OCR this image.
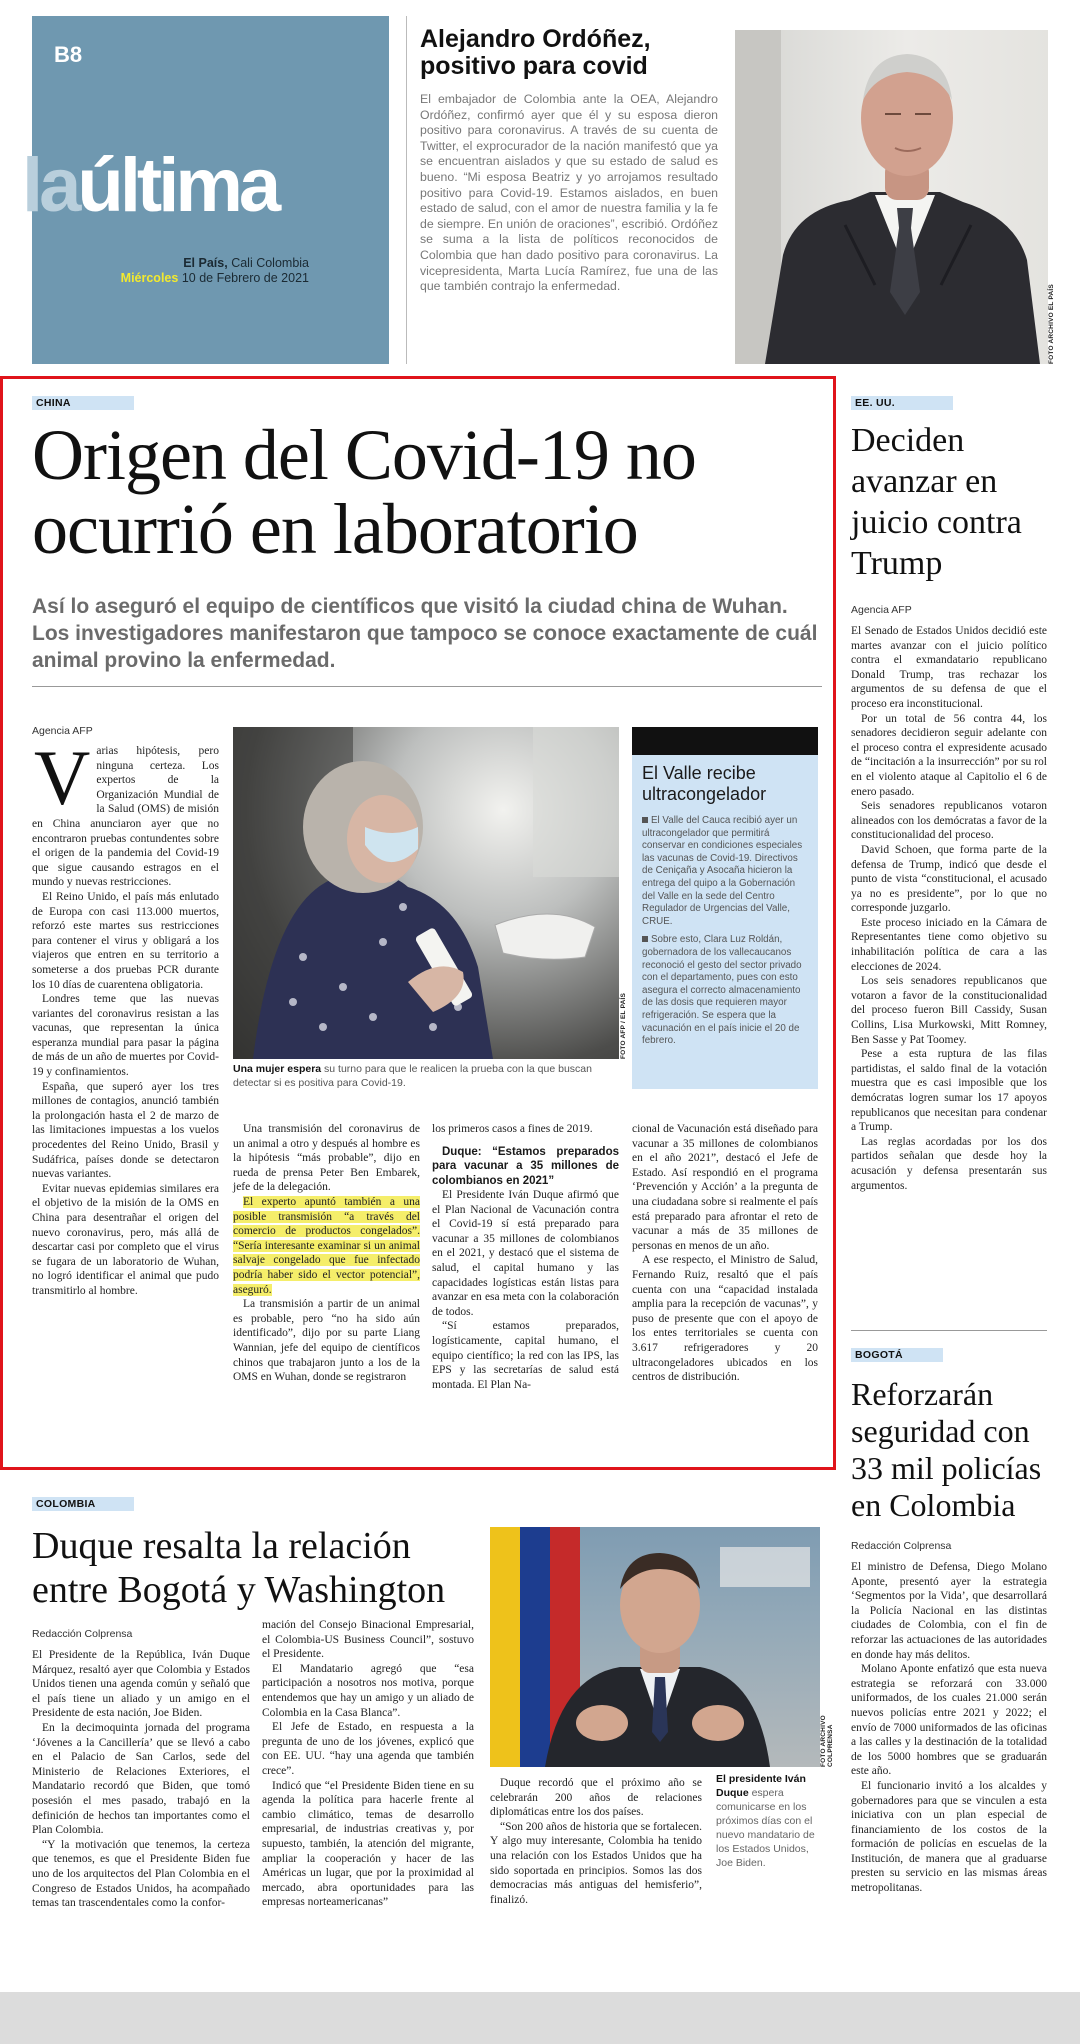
B8
laúltima
El País, Cali Colombia
Miércoles 10 de Febrero de 2021
Alejandro Ordóñez, positivo para covid
El embajador de Colombia ante la OEA, Alejandro Ordóñez, confirmó ayer que él y su esposa dieron positivo para coronavirus. A través de su cuenta de Twitter, el exprocurador de la nación manifestó que ya se encuentran aislados y que su estado de salud es bueno. “Mi esposa Beatriz y yo arrojamos resultado positivo para Covid-19. Estamos aislados, en buen estado de salud, con el amor de nuestra familia y la fe de siempre. En unión de oraciones”, escribió. Ordóñez se suma a la lista de políticos reconocidos de Colombia que han dado positivo para coronavirus. La vicepresidenta, Marta Lucía Ramírez, fue una de las que también contrajo la enfermedad.	FOTO ARCHIVO EL PAÍS
CHINA
Origen del Covid-19 no
ocurrió en laboratorio
Así lo aseguró el equipo de científicos que visitó la ciudad china de Wuhan. Los investigadores manifestaron que tampoco se conoce exactamente de cuál animal provino la enfermedad.
Agencia AFP

Varias hipótesis, pero ninguna certeza. Los expertos de la Organización Mundial de la Salud (OMS) de misión en China anunciaron ayer que no encontraron pruebas contundentes sobre el origen de la pandemia del Covid-19 que sigue causando estragos en el mundo y nuevas restricciones.

El Reino Unido, el país más enlutado de Europa con casi 113.000 muertos, reforzó este martes sus restricciones para contener el virus y obligará a los viajeros que entren en su territorio a someterse a dos pruebas PCR durante los 10 días de cuarentena obligatoria.

Londres teme que las nuevas variantes del coronavirus resistan a las vacunas, que representan la única esperanza mundial para pasar la página de más de un año de muertes por Covid-19 y confinamientos.

España, que superó ayer los tres millones de contagios, anunció también la prolongación hasta el 2 de marzo de las limitaciones impuestas a los vuelos procedentes del Reino Unido, Brasil y Sudáfrica, países donde se detectaron nuevas variantes.

Evitar nuevas epidemias similares era el objetivo de la misión de la OMS en China para desentrañar el origen del nuevo coronavirus, pero, más allá de descartar casi por completo que el virus se fugara de un laboratorio de Wuhan, no logró identificar el animal que pudo transmitirlo al hombre.

FOTO AFP / EL PAÍS
Una mujer espera su turno para que le realicen la prueba con la que buscan detectar si es positiva para Covid-19.
El Valle recibe ultracongelador
El Valle del Cauca recibió ayer un ultracongelador que permitirá conservar en condiciones especiales las vacunas de Covid-19. Directivos de Ceniçaña y Asocaña hicieron la entrega del quipo a la Gobernación del Valle en la sede del Centro Regulador de Urgencias del Valle, CRUE.
Sobre esto, Clara Luz Roldán, gobernadora de los vallecaucanos reconoció el gesto del sector privado con el departamento, pues con esto asegura el correcto almacenamiento de las dosis que requieren mayor refrigeración. Se espera que la vacunación en el país inicie el 20 de febrero.

Una transmisión del coronavirus de un animal a otro y después al hombre es la hipótesis “más probable”, dijo en rueda de prensa Peter Ben Embarek, jefe de la delegación.

El experto apuntó también a una posible transmisión “a través del comercio de productos congelados”. “Sería interesante examinar si un animal salvaje congelado que fue infectado podría haber sido el vector potencial”, aseguró.

La transmisión a partir de un animal es probable, pero “no ha sido aún identificado”, dijo por su parte Liang Wannian, jefe del equipo de científicos chinos que trabajaron junto a los de la OMS en Wuhan, donde se registraron

los primeros casos a fines de 2019.

Duque: “Estamos preparados para vacunar a 35 millones de colombianos en 2021”

El Presidente Iván Duque afirmó que el Plan Nacional de Vacunación contra el Covid-19 sí está preparado para vacunar a 35 millones de colombianos en el 2021, y destacó que el sistema de salud, el capital humano y las capacidades logísticas están listas para avanzar en esa meta con la colaboración de todos.

“Sí estamos preparados, logísticamente, capital humano, el equipo científico; la red con las IPS, las EPS y las secretarías de salud está montada. El Plan Na-

cional de Vacunación está diseñado para vacunar a 35 millones de colombianos en el año 2021”, destacó el Jefe de Estado. Así respondió en el programa ‘Prevención y Acción’ a la pregunta de una ciudadana sobre si realmente el país está preparado para afrontar el reto de vacunar a más de 35 millones de personas en menos de un año.

A ese respecto, el Ministro de Salud, Fernando Ruiz, resaltó que el país cuenta con una “capacidad instalada amplia para la recepción de vacunas”, y puso de presente que con el apoyo de los entes territoriales se cuenta con 3.617 refrigeradores y 20 ultracongeladores ubicados en los centros de distribución.

EE. UU.
Deciden avanzar en juicio contra Trump
Agencia AFP

El Senado de Estados Unidos decidió este martes avanzar con el juicio político contra el exmandatario republicano Donald Trump, tras rechazar los argumentos de su defensa de que el proceso era inconstitucional.

Por un total de 56 contra 44, los senadores decidieron seguir adelante con el proceso contra el expresidente acusado de “incitación a la insurrección” por su rol en el violento ataque al Capitolio el 6 de enero pasado.

Seis senadores republicanos votaron alineados con los demócratas a favor de la constitucionalidad del proceso.

David Schoen, que forma parte de la defensa de Trump, indicó que desde el punto de vista “constitucional, el acusado ya no es presidente”, por lo que no corresponde juzgarlo.

Este proceso iniciado en la Cámara de Representantes tiene como objetivo su inhabilitación política de cara a las elecciones de 2024.

Los seis senadores republicanos que votaron a favor de la constitucionalidad del proceso fueron Bill Cassidy, Susan Collins, Lisa Murkowski, Mitt Romney, Ben Sasse y Pat Toomey.

Pese a esta ruptura de las filas partidistas, el saldo final de la votación muestra que es casi imposible que los demócratas logren sumar los 17 apoyos republicanos que necesitan para condenar a Trump.

Las reglas acordadas por los dos partidos señalan que desde hoy la acusación y defensa presentarán sus argumentos.

BOGOTÁ
Reforzarán seguridad con 33 mil policías en Colombia
Redacción Colprensa

El ministro de Defensa, Diego Molano Aponte, presentó ayer la estrategia ‘Segmentos por la Vida’, que desarrollará la Policía Nacional en las distintas ciudades de Colombia, con el fin de reforzar las actuaciones de las autoridades en donde hay más delitos.

Molano Aponte enfatizó que esta nueva estrategia se reforzará con 33.000 uniformados, de los cuales 21.000 serán nuevos policías entre 2021 y 2022; el envío de 7000 uniformados de las oficinas a las calles y la destinación de la totalidad de los 5000 hombres que se graduarán este año.

El funcionario invitó a los alcaldes y gobernadores para que se vinculen a esta iniciativa con un plan especial de financiamiento de los costos de la formación de policías en escuelas de la Institución, de manera que al graduarse presten su servicio en las mismas áreas metropolitanas.

COLOMBIA
Duque resalta la relación
entre Bogotá y Washington
Redacción Colprensa

El Presidente de la República, Iván Duque Márquez, resaltó ayer que Colombia y Estados Unidos tienen una agenda común y señaló que el país tiene un aliado y un amigo en el Presidente de esta nación, Joe Biden.

En la decimoquinta jornada del programa ‘Jóvenes a la Cancillería’ que se llevó a cabo en el Palacio de San Carlos, sede del Ministerio de Relaciones Exteriores, el Mandatario recordó que Biden, que tomó posesión el mes pasado, trabajó en la definición de hechos tan importantes como el Plan Colombia.

“Y la motivación que tenemos, la certeza que tenemos, es que el Presidente Biden fue uno de los arquitectos del Plan Colombia en el Congreso de Estados Unidos, ha acompañado temas tan trascendentales como la confor-

mación del Consejo Binacional Empresarial, el Colombia-US Business Council”, sostuvo el Presidente.

El Mandatario agregó que “esa participación a nosotros nos motiva, porque entendemos que hay un amigo y un aliado de Colombia en la Casa Blanca”.

El Jefe de Estado, en respuesta a la pregunta de uno de los jóvenes, explicó que con EE. UU. “hay una agenda que también crece”.

Indicó que “el Presidente Biden tiene en su agenda la política para hacerle frente al cambio climático, temas de desarrollo empresarial, de industrias creativas y, por supuesto, también, la atención del migrante, ampliar la cooperación y hacer de las Américas un lugar, que por la proximidad al mercado, abra oportunidades para las empresas norteamericanas”

FOTO ARCHIVO COLPRENSA

Duque recordó que el próximo año se celebrarán 200 años de relaciones diplomáticas entre los dos países.

“Son 200 años de historia que se fortalecen. Y algo muy interesante, Colombia ha tenido una relación con los Estados Unidos que ha sido soportada en principios. Somos las dos democracias más antiguas del hemisferio”, finalizó.

El presidente Iván Duque espera comunicarse en los próximos días con el nuevo mandatario de los Estados Unidos, Joe Biden.
